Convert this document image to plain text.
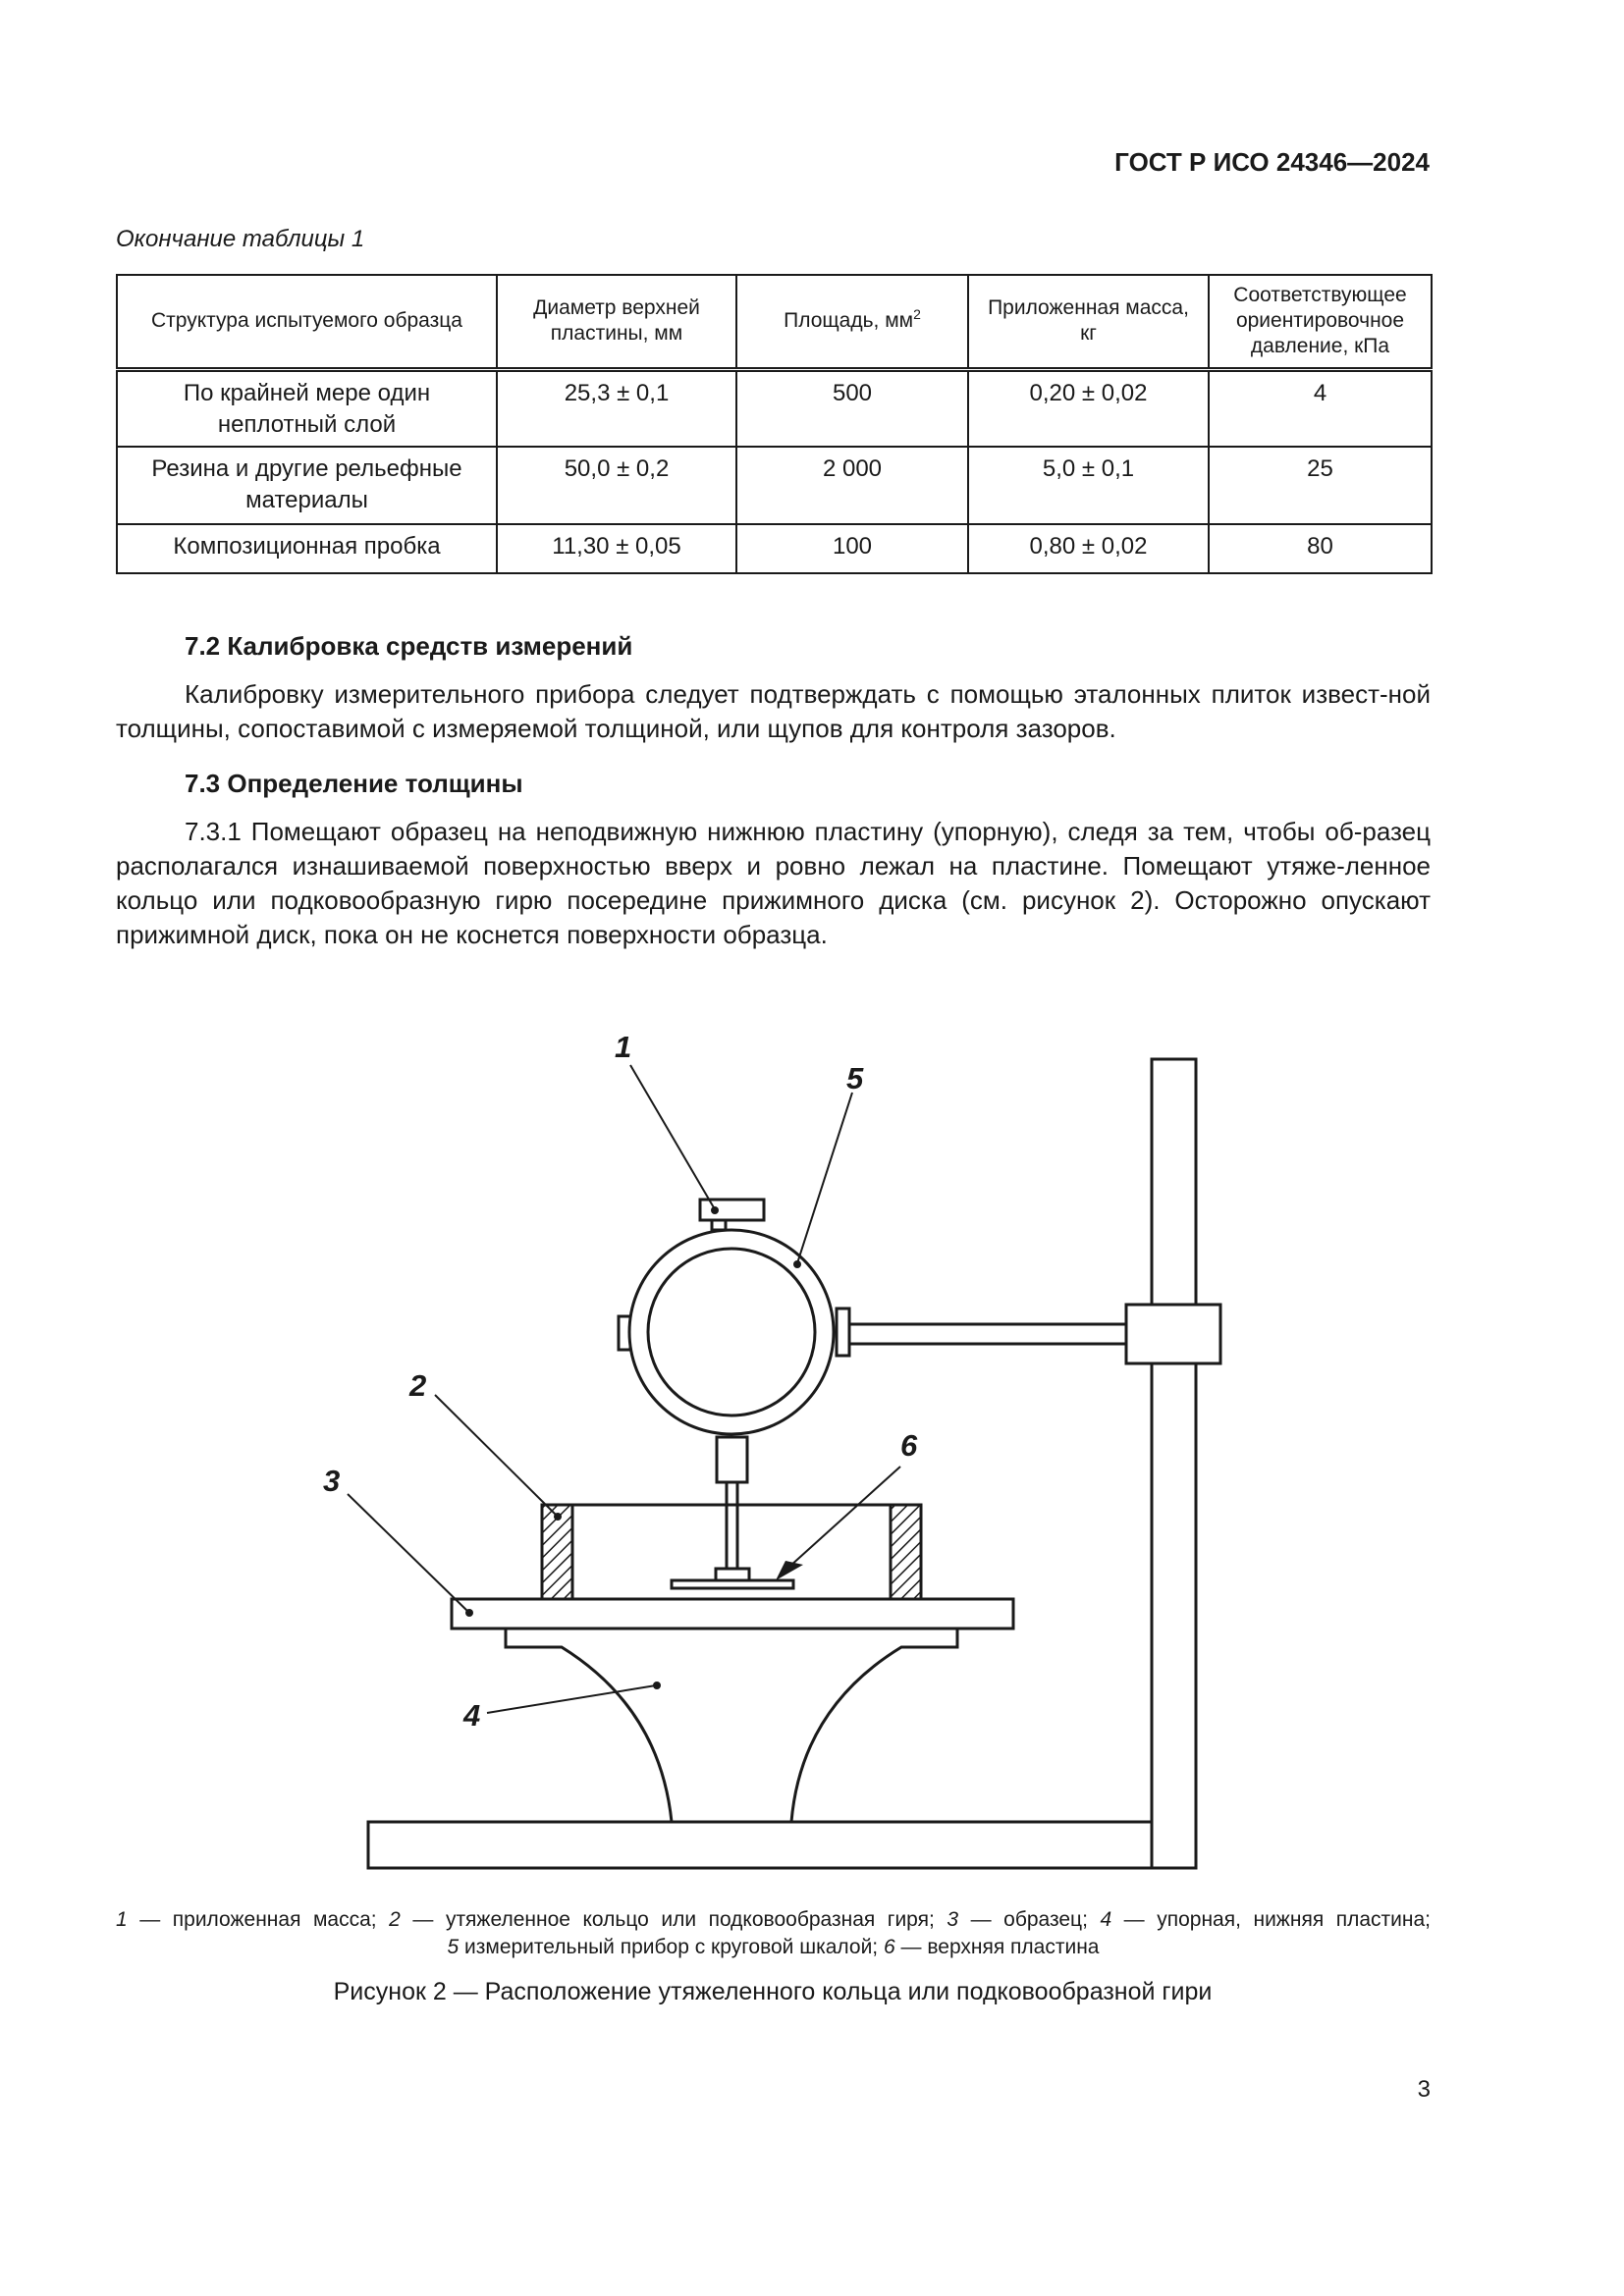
ГОСТ Р ИСО 24346—2024
Окончание таблицы 1
Структура испытуемого образца	Диаметр верхней пластины, мм	Площадь, $мм^2$	Приложенная масса, кг	Соответствующее ориентировочное давление, кПа
По крайней мере один неплотный слой	25,3 ± 0,1	500	0,20 ± 0,02	4
Резина и другие рельефные материалы	50,0 ± 0,2	2 000	5,0 ± 0,1	25
Композиционная пробка	11,30 ± 0,05	100	0,80 ± 0,02	80
7.2 Калибровка средств измерений

Калибровку измерительного прибора следует подтверждать с помощью эталонных плиток извест-ной толщины, сопоставимой с измеряемой толщиной, или щупов для контроля зазоров.

7.3 Определение толщины

7.3.1 Помещают образец на неподвижную нижнюю пластину (упорную), следя за тем, чтобы об-разец располагался изнашиваемой поверхностью вверх и ровно лежал на пластине. Помещают утяже-ленное кольцо или подковообразную гирю посередине прижимного диска (см. рисунок 2). Осторожно опускают прижимной диск, пока он не коснется поверхности образца.

1
5
2
3
4
6
1 — приложенная масса; 2 — утяжеленное кольцо или подковообразная гиря; 3 — образец; 4 — упорная, нижняя пластина;
5 измерительный прибор с круговой шкалой; 6 — верхняя пластина
Рисунок 2 — Расположение утяжеленного кольца или подковообразной гири
3
